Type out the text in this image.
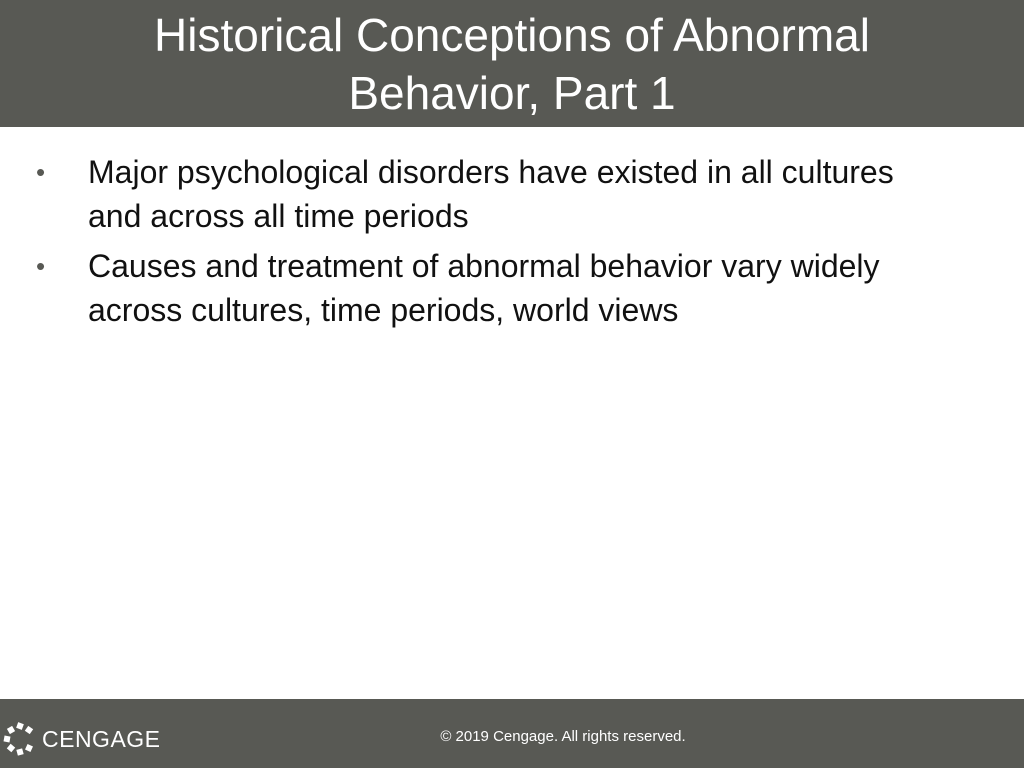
Historical Conceptions of Abnormal Behavior, Part 1
• Major psychological disorders have existed in all cultures and across all time periods
• Causes and treatment of abnormal behavior vary widely across cultures, time periods, world views
CENGAGE	© 2019 Cengage. All rights reserved.
